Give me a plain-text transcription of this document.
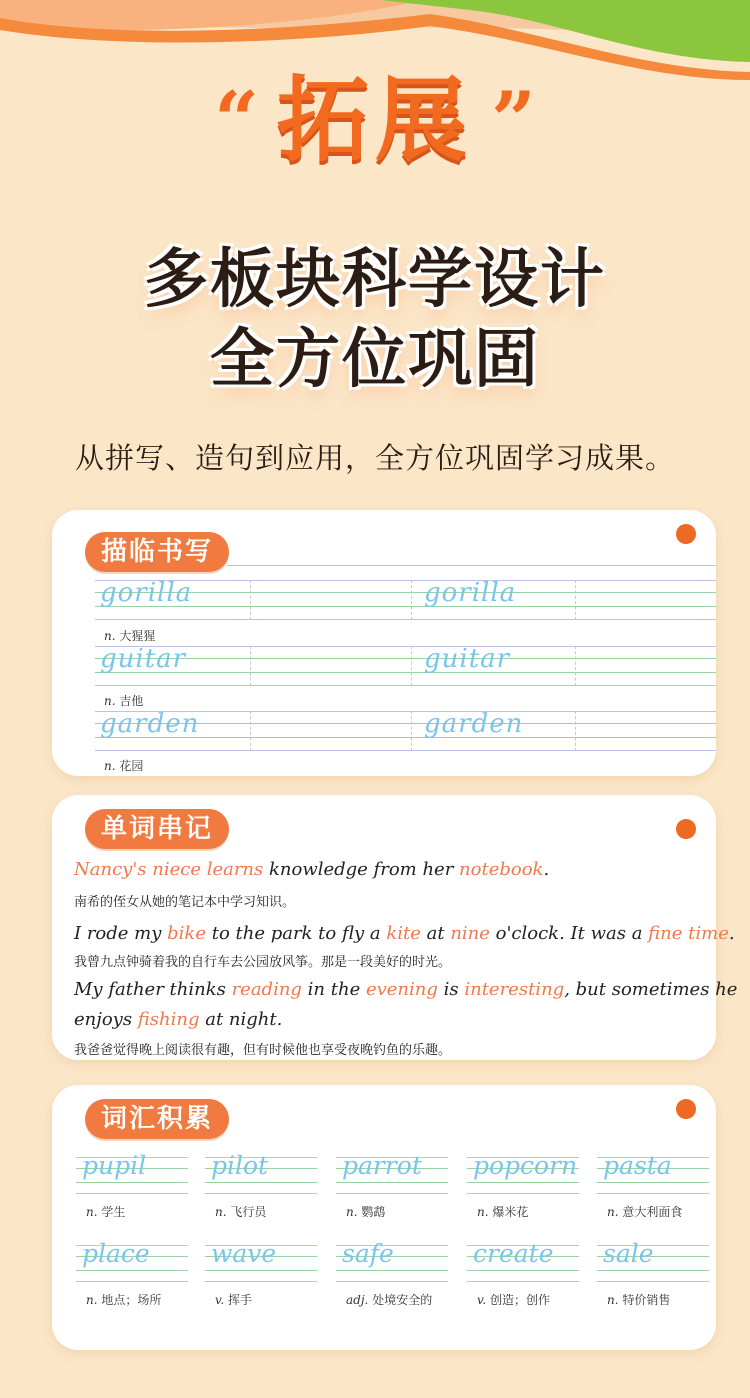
“ 拓展 ”
多板块科学设计
全方位巩固
从拼写、造句到应用，全方位巩固学习成果。
描临书写
gorilla	gorilla
n. 大猩猩
guitar	guitar
n. 吉他
garden	garden
n. 花园
单词串记
Nancy's niece learns knowledge from her notebook.
南希的侄女从她的笔记本中学习知识。
I rode my bike to the park to fly a kite at nine o'clock. It was a fine time.
我曾九点钟骑着我的自行车去公园放风筝。那是一段美好的时光。
My father thinks reading in the evening is interesting, but sometimes he
enjoys fishing at night.
我爸爸觉得晚上阅读很有趣，但有时候他也享受夜晚钓鱼的乐趣。
词汇积累
pupil
n. 学生
pilot
n. 飞行员
parrot
n. 鹦鹉
popcorn
n. 爆米花
pasta
n. 意大利面食
place
n. 地点；场所
wave
v. 挥手
safe
adj. 处境安全的
create
v. 创造；创作
sale
n. 特价销售
